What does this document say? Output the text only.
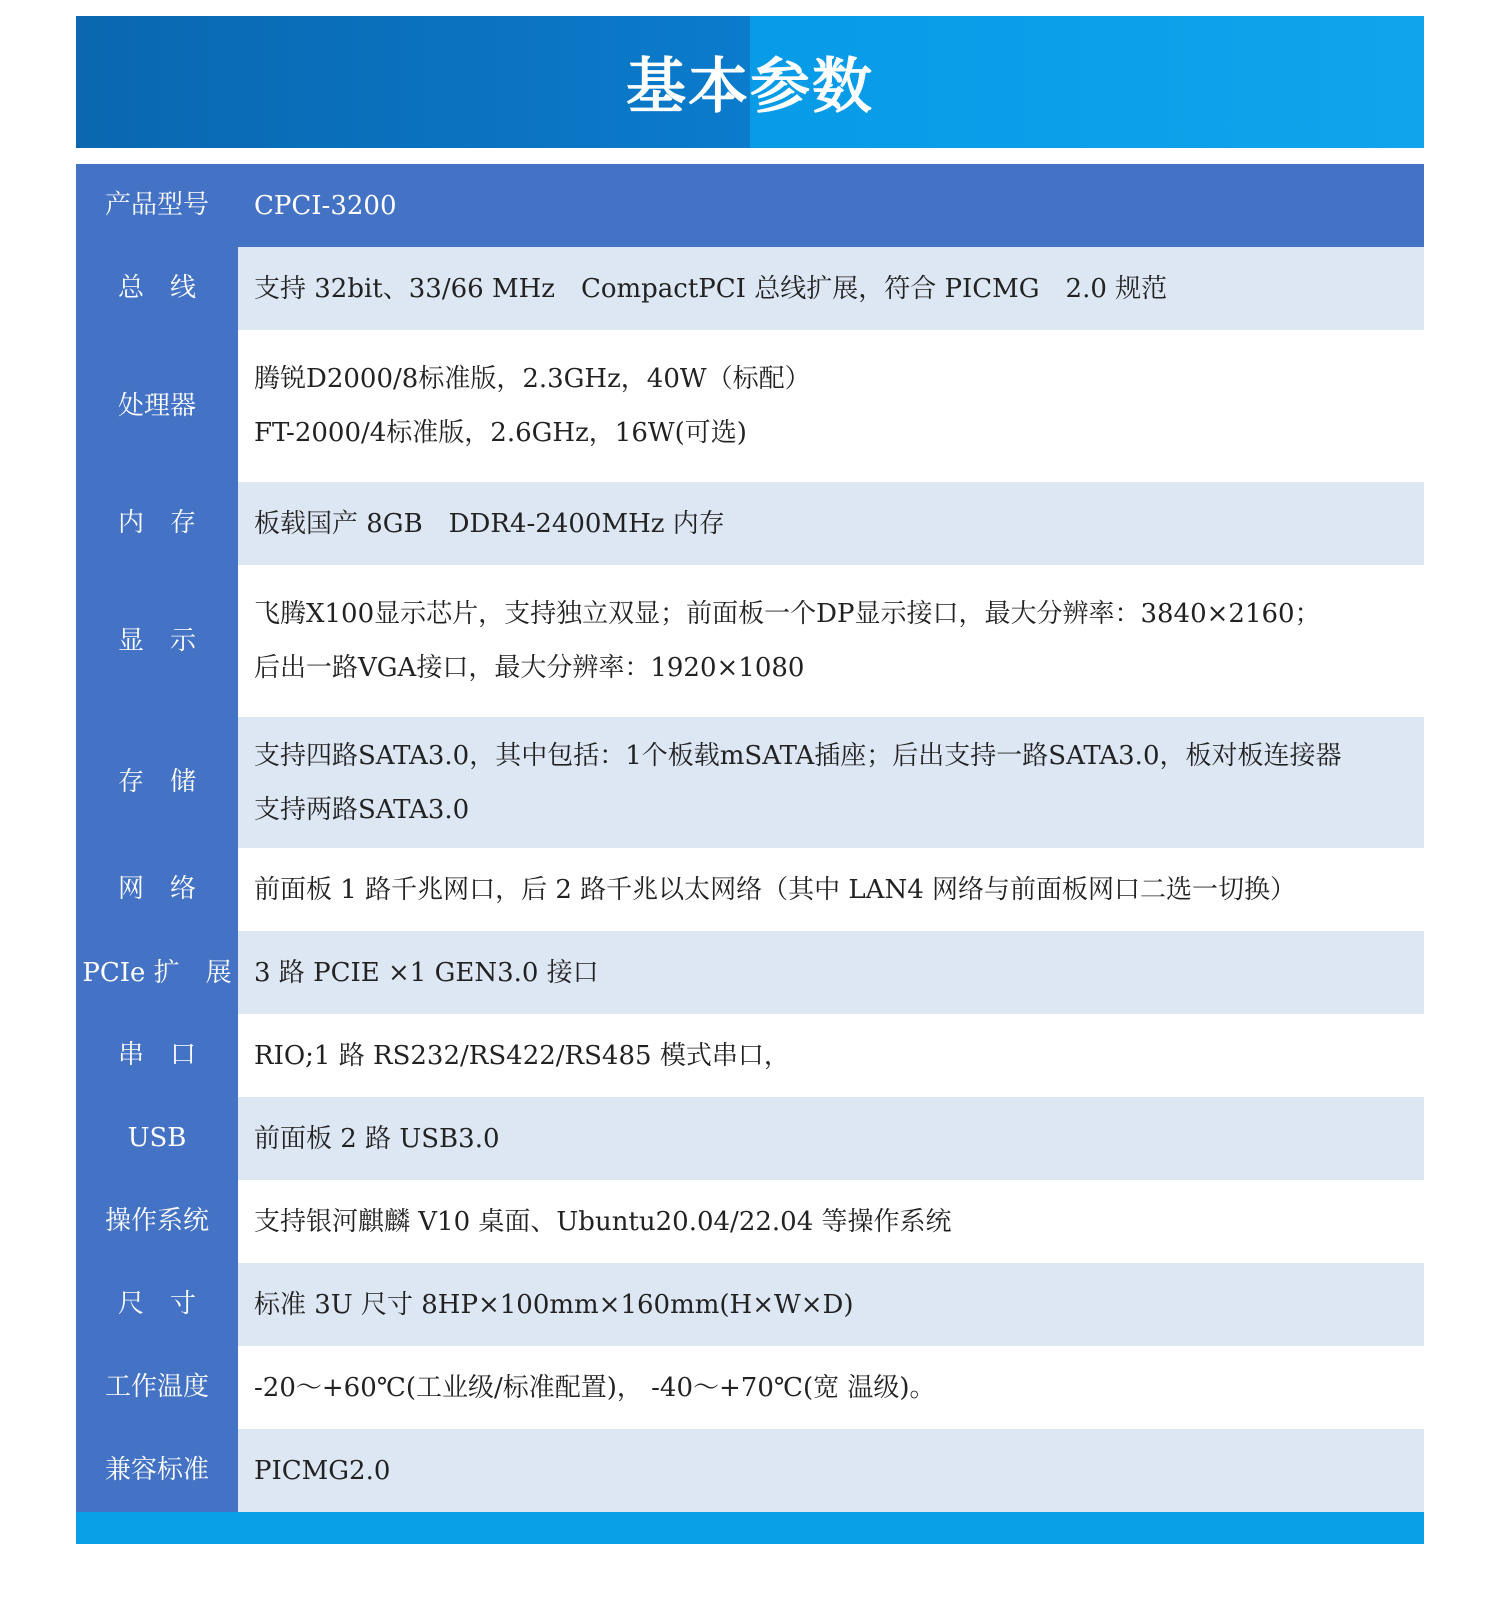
基本参数
产品型号	CPCI-3200
总　线	支持 32bit、33/66 MHz　CompactPCI 总线扩展，符合 PICMG　2.0 规范
处理器	腾锐D2000/8标准版，2.3GHz，40W（标配）
FT-2000/4标准版，2.6GHz，16W(可选)

内　存	板载国产 8GB　DDR4-2400MHz 内存
显　示	飞腾X100显示芯片，支持独立双显；前面板一个DP显示接口，最大分辨率：3840×2160；
后出一路VGA接口，最大分辨率：1920×1080

存　储	支持四路SATA3.0，其中包括：1个板载mSATA插座；后出支持一路SATA3.0，板对板连接器
支持两路SATA3.0

网　络	前面板 1 路千兆网口，后 2 路千兆以太网络（其中 LAN4 网络与前面板网口二选一切换）
PCIe 扩　展	3 路 PCIE ×1 GEN3.0 接口
串　口	RIO;1 路 RS232/RS422/RS485 模式串口，
USB	前面板 2 路 USB3.0
操作系统	支持银河麒麟 V10 桌面、Ubuntu20.04/22.04 等操作系统
尺　寸	标准 3U 尺寸 8HP×100mm×160mm(H×W×D)
工作温度	-20～+60℃(工业级/标准配置)， -40～+70℃(宽 温级)。
兼容标准	PICMG2.0
